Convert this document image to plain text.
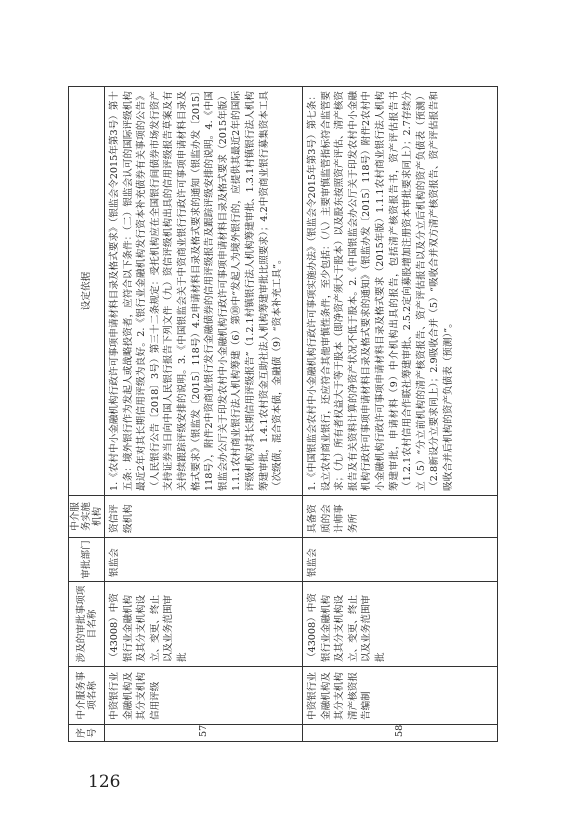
126
序号	中介服务事项名称	涉及的审批事项项目名称	审批部门	中介服务实施机构	设定依据
57	中资银行业金融机构及其分支机构信用评级	（43008）中资银行业金融机构及其分支机构设立、变更、终止以及业务范围审批	银监会	资信评级机构	1.《农村中小金融机构行政许可事项申请材料目录及格式要求》（银监会令2015年第3号）第十五条：境外银行作为发起人或战略投资者，应符合以下条件：（二）银监会认可的国际评级机构最近2年对其长期信用评级为良好。2.《银行业金融机构发行资本补充债券有关事项的公告》（人民银行公告〔2018〕3号）第三十二条规定：受托机构应在全国银行间债券市场发行资产支持证券当日向中国人民银行报告下列文件（九）资信评级机构出具的信用评级报告草案及有关持续跟踪评级安排的说明。3.《中国银监会关于中资商业银行行政许可事项申请材料目录及格式要求》（银监发〔2015〕118号）4.2申请材料目录及格式要求的通知（银监办发〔2015〕118号），附件2中资商业银行发行金融债券的信用评级报告及跟踪评级安排的说明。4.《中国银监会办公厅关于印发农村中小金融机构行政许可事项申请材料目录及格式要求（2015年版）1.1.1农村商业银行法人机构筹建（6）第⑩中“发起人为境外银行的，应提供其最近2年的国际评级机构对其长期信用评级报告”（1.2.1村镇银行法人机构筹建审批、1.3.1村镇银行法人机构筹建审批，1.4.1农村资金互助社法人机构筹建审批比照要求）；4.2中资商业银行募集资本工具（次级债，混合资本债，金融债（9）“资本补充工具”。
58	中资银行业金融机构及其分支机构清产核资报告编制	（43008）中资银行业金融机构及其分支机构设立、变更、终止以及业务范围审批	银监会	具备资质的会计师事务所	1.《中国银监会农村中小金融机构行政许可事项实施办法》（银监会令2015年第3号）第七条：设立农村商业银行，还应符合其他审慎性条件，至少包括：（八）主要审慎监管指标符合监管要求；（九）所有者权益大于等于股本（即净资产须大于股本）以及股东按照资产评估、清产核资报告及有关资料计算的净资产状况不低于股本。2.《中国银监会办公厅关于印发农村中小金融机构行政许可事项申请材料目录及格式要求的通知》（银监办发〔2015〕118号）附件2农村中小金融机构行政许可事项申请材料目录及格式要求（2015年版）1.1.1农村商业银行法人机构筹建审批，申请材料（9）中介机构出具的报告，包括清产核资报告书，资产评估报告书（1.2.1农村信用合作联社筹建审批、2.5.2定向募股增加注册资本审批要求同上）；2.7存续分立（5）“分立前机构的清产核资报告、资产评估报告以及分立后机构的资产负债表（预测）（2.8新设分立要求同上）；2.9吸收合并（5）“吸收合并双方清产核资报告、资产评估报告和吸收合并后机构的资产负债表（预测）”。
